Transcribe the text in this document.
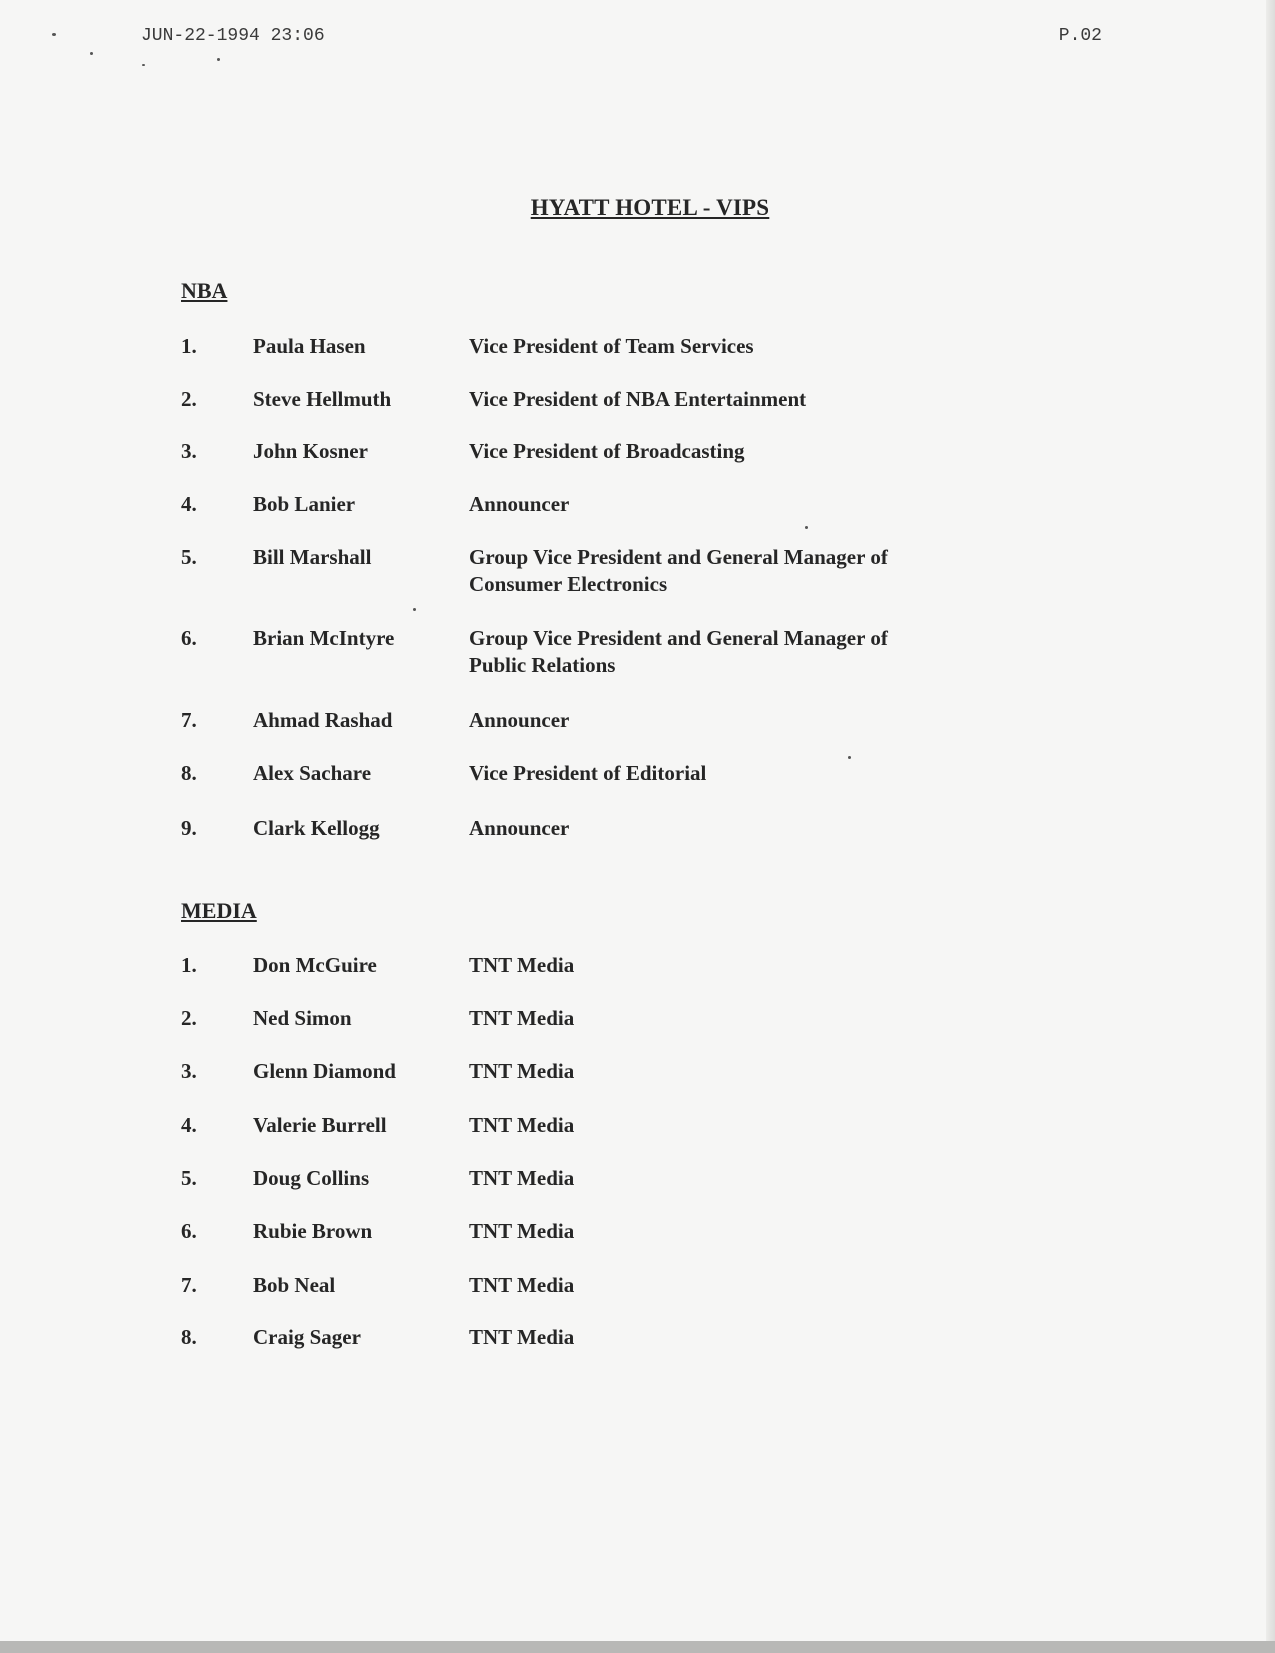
JUN-22-1994 23:06	P.02
HYATT HOTEL - VIPS
NBA
1.	Paula Hasen	Vice President of Team Services
2.	Steve Hellmuth	Vice President of NBA Entertainment
3.	John Kosner	Vice President of Broadcasting
4.	Bob Lanier	Announcer
5.	Bill Marshall	Group Vice President and General Manager of Consumer Electronics
6.	Brian McIntyre	Group Vice President and General Manager of Public Relations
7.	Ahmad Rashad	Announcer
8.	Alex Sachare	Vice President of Editorial
9.	Clark Kellogg	Announcer
MEDIA
1.	Don McGuire	TNT Media
2.	Ned Simon	TNT Media
3.	Glenn Diamond	TNT Media
4.	Valerie Burrell	TNT Media
5.	Doug Collins	TNT Media
6.	Rubie Brown	TNT Media
7.	Bob Neal	TNT Media
8.	Craig Sager	TNT Media
